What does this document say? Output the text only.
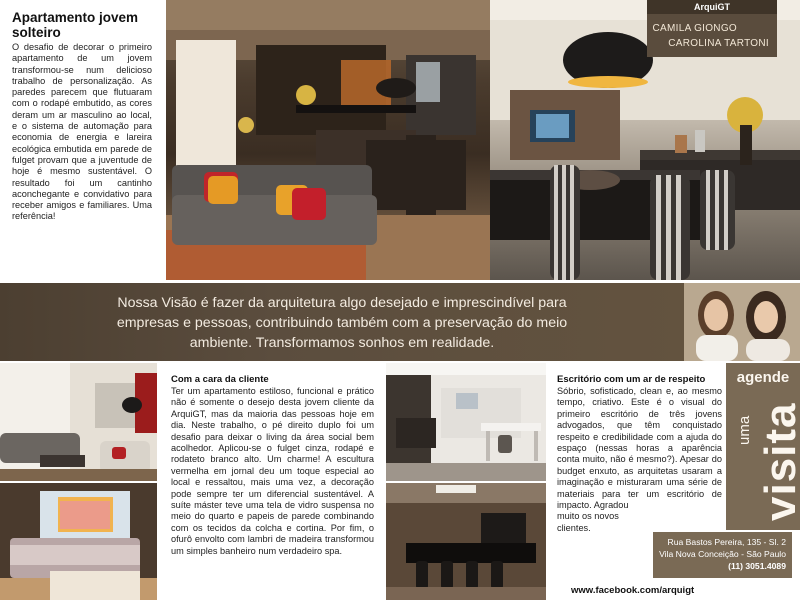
Apartamento jovem solteiro

O desafio de decorar o primeiro apartamento de um jovem transformou-se num delicioso trabalho de personalização. As paredes parecem que flutuaram com o rodapé embutido, as cores deram um ar masculino ao local, e o sistema de automação para economia de energia e lareira ecológica embutida em parede de fulget provam que a juventude de hoje é mesmo sustentável. O resultado foi um cantinho aconchegante e convidativo para receber amigos e familiares. Uma referência!

ArquiGT
CAMILA GIONGO
CAROLINA TARTONI
Nossa Visão é fazer da arquitetura algo desejado e imprescindível para empresas e pessoas, contribuindo também com a preservação do meio ambiente. Transformamos sonhos em realidade.
Com a cara da cliente

Ter um apartamento estiloso, funcional e prático não é somente o desejo desta jovem cliente da ArquiGT, mas da maioria das pessoas hoje em dia. Neste trabalho, o pé direito duplo foi um desafio para deixar o living da área social bem acolhedor. Aplicou-se o fulget cinza, rodapé e rodateto branco alto. Um charme! A escultura vermelha em jornal deu um toque especial ao local e ressaltou, mais uma vez, a decoração pode sempre ter um diferencial sustentável. A suíte máster teve uma tela de vidro suspensa no meio do quarto e papeis de parede combinando com os tecidos da colcha e cortina. Por fim, o ofurô envolto com lambri de madeira transformou um simples banheiro num verdadeiro spa.

Escritório com um ar de respeito

Sóbrio, sofisticado, clean e, ao mesmo tempo, criativo. Este é o visual do primeiro escritório de três jovens advogados, que têm conquistado respeito e credibilidade com a ajuda do espaço (nessas horas a aparência conta muito, não é mesmo?). Apesar do budget enxuto, as arquitetas usaram a imaginação e misturaram uma série de materiais para ter um escritório de impacto. Agradou

muito os novos clientes.

agende
uma visita
Rua Bastos Pereira, 135 - Sl. 2
Vila Nova Conceição - São Paulo
(11) 3051.4089
www.facebook.com/arquigt
